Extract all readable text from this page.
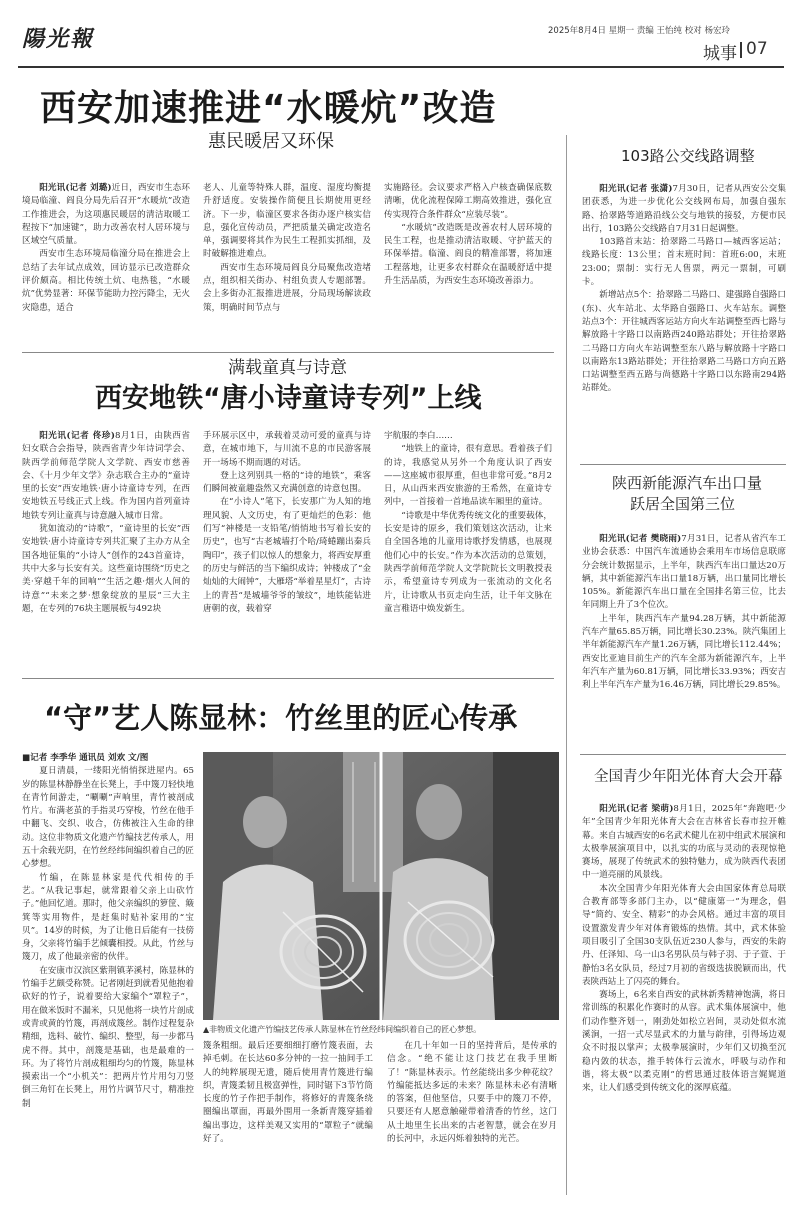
陽光報	2025年8月4日 星期一 责编 王怡纯 校对 杨宏玲
城事 07
西安加速推进“水暖炕”改造
惠民暖居又环保

阳光讯(记者 刘璐)近日，西安市生态环境局临潼、阎良分局先后召开“水暖炕”改造工作推进会，为这项惠民暖居的清洁取暖工程按下“加速键”，助力改善农村人居环境与区域空气质量。

西安市生态环境局临潼分局在推进会上总结了去年试点成效，回访显示已改造群众评价颇高。相比传统土炕、电热毯，“水暖炕”优势显著：环保节能助力控污降尘，无火灾隐患，适合

老人、儿童等特殊人群，温度、湿度均衡提升舒适度。安装操作简便且长期使用更经济。下一步，临潼区要求各街办逐户核实信息，强化宣传动员，严把质量关确定改造名单，强调要将其作为民生工程抓实抓细，及时破解推进难点。

西安市生态环境局阎良分局聚焦改造堵点，组织相关街办、村组负责人专题部署。会上多街办汇报推进进展，分局现场解读政策，明确时间节点与

实施路径。会议要求严格入户核查确保底数清晰，优化流程保障工期高效推进，强化宣传实现符合条件群众“应装尽装”。

“水暖炕”改造既是改善农村人居环境的民生工程，也是推动清洁取暖、守护蓝天的环保举措。临潼、阎良的精准部署，将加速工程落地，让更多农村群众在温暖舒适中提升生活品质，为西安生态环境改善添力。

满载童真与诗意
西安地铁“唐小诗童诗专列”上线

阳光讯(记者 佟珍)8月1日，由陕西省妇女联合会指导，陕西省青少年诗词学会、陕西学前师范学院人文学院、西安市慈善会、《十月少年文学》杂志联合主办的“童诗里的长安”西安地铁·唐小诗童诗专列，在西安地铁五号线正式上线。作为国内首列童诗地铁专列让童真与诗意融入城市日常。

犹如流动的“诗歌”，“童诗里的长安”西安地铁·唐小诗童诗专列共汇聚了主办方从全国各地征集的“小诗人”创作的243首童诗，共中大多与长安有关。这些童诗围绕“历史之美·穿越千年的回响”“生活之趣·烟火人间的诗意”“未来之梦·想象绽放的星辰”三大主题，在专列的76块主题展板与492块

手环展示区中，承载着灵动可爱的童真与诗意，在城市地下，与川流不息的市民游客展开一场场不期而遇的对话。

登上这列别具一格的“诗的地铁”，乘客们瞬间被童趣盎然又充满创意的诗意包围。

在“小诗人”笔下，长安那广为人知的地理风貌、人文历史，有了更灿烂的色彩：他们写“神楼是一支铅笔/悄悄地书写着长安的历史”，也写“古老城墙打个哈/琦蜷蹦出秦兵陶印”，孩子们以惊人的想象力，将西安厚重的历史与鲜活的当下编织成诗；钟楼成了“金灿灿的大闹钟”，大雁塔“举着星星灯”，古诗上的青苔“是城墙爷爷的皱纹”，地铁能钻进唐朝的夜，载着穿

宇航服的李白……

“地铁上的童诗，很有意思。看着孩子们的诗，我感觉从另外一个角度认识了西安——这座城市很厚重，但也非常可爱。”8月2日，从山西来西安旅游的王希然，在童诗专列中，一首接着一首地品读车厢里的童诗。

“诗歌是中华优秀传统文化的重要载体，长安是诗的原乡，我们策划这次活动，让来自全国各地的儿童用诗歌抒发情感，也展现他们心中的长安。”作为本次活动的总策划，陕西学前师范学院人文学院院长文明教授表示，希望童诗专列成为一张流动的文化名片，让诗歌从书页走向生活，让千年文脉在童言稚语中焕发新生。

“守”艺人陈显林：竹丝里的匠心传承

■记者 李季华 通讯员 刘欢 文/图

夏日清晨，一缕阳光悄悄探进屋内。65岁的陈显林静静坐在长凳上，手中篾刀轻快地在青竹间游走，“唰唰”声响里，青竹被剖成竹片。布满老茧的手指灵巧穿梭，竹丝在他手中翻飞、交织、收合，仿佛被注入生命的律动。这位非物质文化遗产竹编技艺传承人，用五十余载光阴，在竹丝经纬间编织着自己的匠心梦想。

竹编，在陈显林家是代代相传的手艺。“从我记事起，就常跟着父亲上山砍竹子。”他回忆道。那时，他父亲编织的箩筐、簸箕等实用物件，是赶集时贴补家用的“宝贝”。14岁的时候，为了让他日后能有一技傍身，父亲将竹编手艺倾囊相授。从此，竹丝与篾刀，成了他最亲密的伙伴。

在安康市汉滨区紫荆镇茅溪村，陈显林的竹编手艺颇受称赞。记者刚赶到就看见他抱着砍好的竹子，说着要给大家编个“罩粒子”，用在做米饭时不漏米，只见他将一块竹片剖成或青或黄的竹篾，再剖成篾丝。制作过程复杂精细，选料、破竹、编织、整型，每一步都马虎不得。其中，剖篾是基础，也是最难的一环。为了将竹片剖成粗细均匀的竹篾，陈显林摸索出一个“小机关”：把两片竹片用匀刀竖倒三角钉在长凳上，用竹片调节尺寸，精准控制

▲非物质文化遗产竹编技艺传承人陈显林在竹丝经纬间编织着自己的匠心梦想。

篾条粗细。最后还要细细打磨竹篾表面，去掉毛刺。在长达60多分钟的一拉一抽间手工人的纯粹展现无遗，随后使用青竹篾进行编织，青篾柔韧且极富弹性，同时锯下3节竹筒长度的竹子作把手制作，将修好的青篾条绕圈编出罩面，再最外围用一条新青篾穿插着编出事边，这样美观又实用的“罩粒子”就编好了。

在几十年如一日的坚持背后，是传承的信念。“绝不能让这门技艺在我手里断了！”陈显林表示。竹丝能绕出多少种花纹？竹编能抵达多远的未来？陈显林未必有清晰的答案，但他坚信，只要手中的篾刀不停，只要还有人愿意触碰带着清香的竹丝，这门从土地里生长出来的古老智慧，就会在岁月的长河中，永远闪烁着独特的光芒。

103路公交线路调整

阳光讯(记者 张潇)7月30日，记者从西安公交集团获悉，为进一步优化公交线网布局，加强自强东路、拾翠路等道路沿线公交与地铁的接驳，方便市民出行，103路公交线路自7月31日起调整。

103路首末站：拾翠路二马路口—城西客运站；线路长度：13公里；首末班时间：首班6:00，末班23:00；票制：实行无人售票，两元一票制，可刷卡。

新增站点5个：拾翠路二马路口、建强路自强路口(东)、火车站北、太华路自强路口、火车站东。调整站点3个：开往城西客运站方向火车站调整至西七路与解放路十字路口以南路西240路站群处；开往拾翠路二马路口方向火车站调整至东八路与解放路十字路口以南路东13路站群处；开往拾翠路二马路口方向五路口站调整至西五路与尚德路十字路口以东路南294路站群处。

陕西新能源汽车出口量
跃居全国第三位

阳光讯(记者 樊晓雨)7月31日，记者从省汽车工业协会获悉：中国汽车流通协会乘用车市场信息联席分会统计数据显示，上半年，陕西汽车出口量达20万辆，其中新能源汽车出口量18万辆，出口量同比增长105%。新能源汽车出口量在全国排名第三位，比去年同期上升了3个位次。

上半年，陕西汽车产量94.28万辆，其中新能源汽车产量65.85万辆，同比增长30.23%。陕汽集团上半年新能源汽车产量1.26万辆，同比增长112.44%；西安比亚迪目前生产的汽车全部为新能源汽车，上半年汽车产量为60.81万辆，同比增长33.93%；西安吉利上半年汽车产量为16.46万辆，同比增长29.85%。

全国青少年阳光体育大会开幕

阳光讯(记者 梁萌)8月1日，2025年“奔跑吧·少年”全国青少年阳光体育大会在吉林省长春市拉开帷幕。来自古城西安的6名武术健儿在初中组武术展演和太极拳展演项目中，以扎实的功底与灵动的表现惊艳赛场，展现了传统武术的独特魅力，成为陕西代表团中一道亮丽的风景线。

本次全国青少年阳光体育大会由国家体育总局联合教育部等多部门主办，以“健康第一”为理念，倡导“简约、安全、精彩”的办会风格。通过丰富的项目设置激发青少年对体育锻炼的热情。其中，武术体验项目吸引了全国30支队伍近230人参与，西安的朱韵丹、任泽知、乌一山3名男队员与韩子羽、于子萱、于静怡3名女队员，经过7月初的省级选拔脱颖而出，代表陕西站上了闪亮的舞台。

赛场上，6名来自西安的武林新秀精神饱满，将日常训练的积累化作赛时的从容。武术集体展演中，他们动作整齐划一，刚劲处如松立岩间，灵动处似水流溪涧，一招一式尽显武术的力量与韵律，引得场边观众不时报以掌声；太极拳展演时，少年们又切换至沉稳内敛的状态，推手转体行云流水，呼吸与动作和谐，将太极“以柔克刚”的哲思通过肢体语言娓娓道来，让人们感受到传统文化的深厚底蕴。
